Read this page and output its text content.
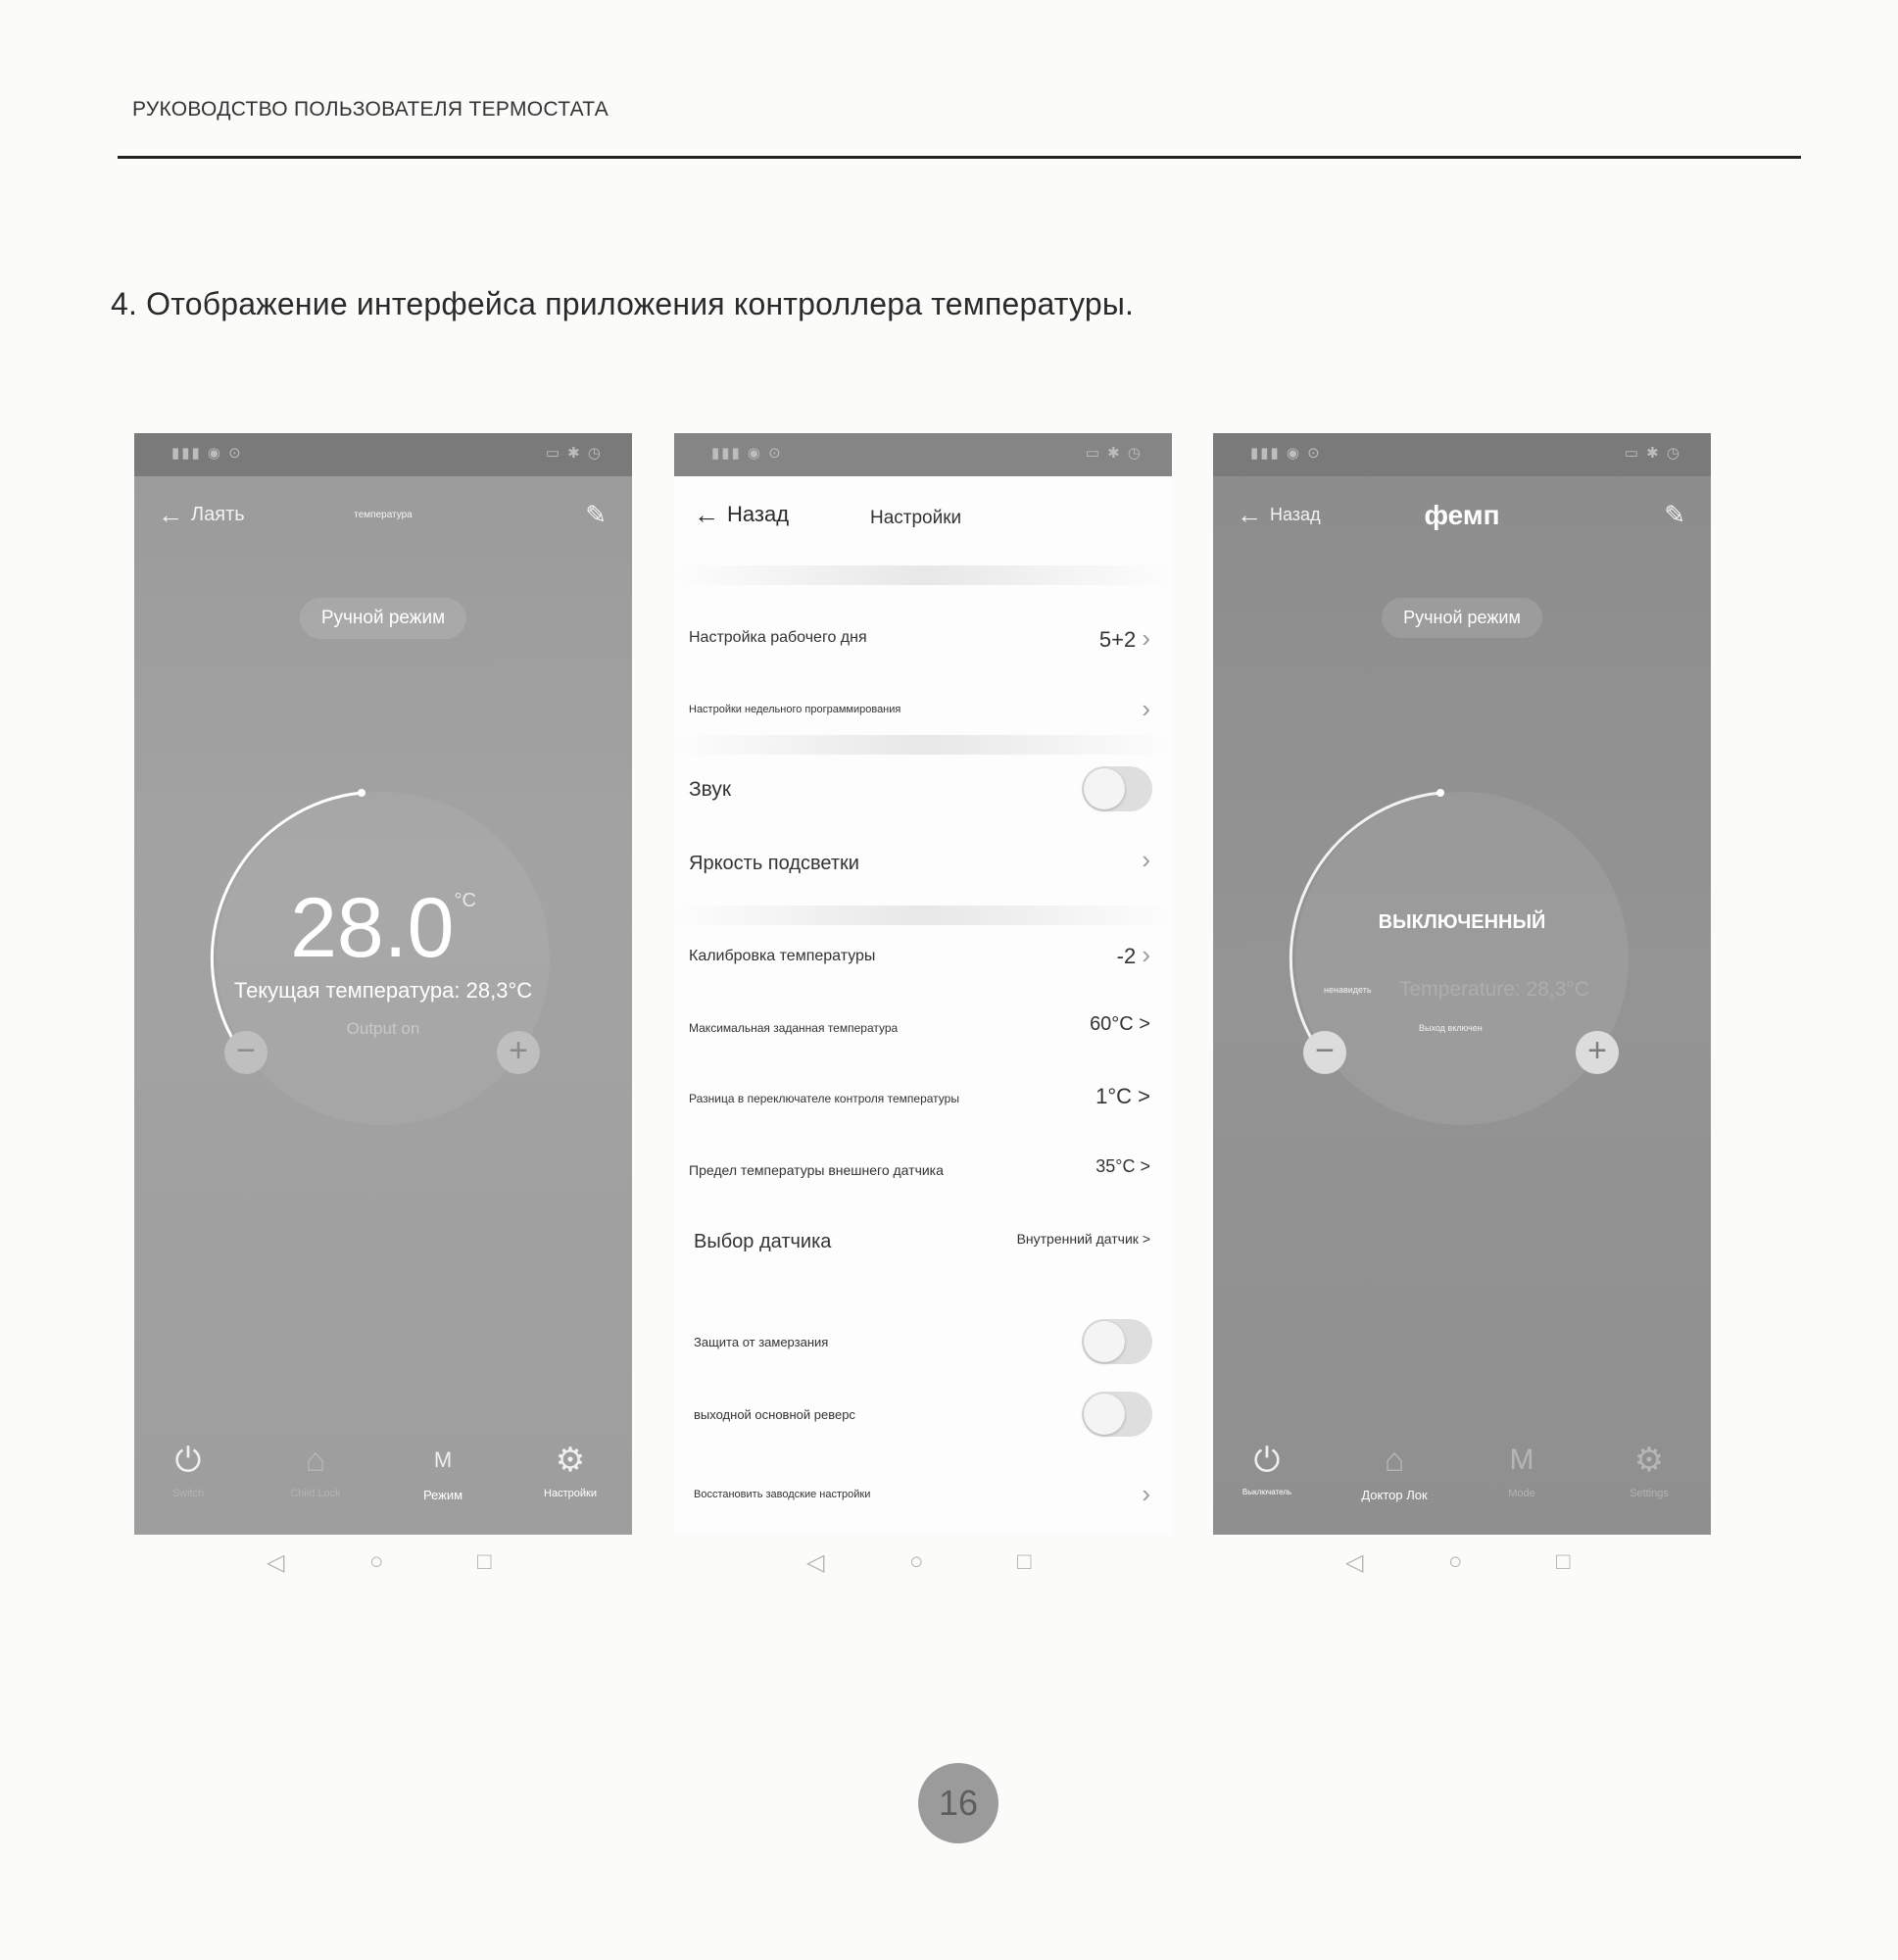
РУКОВОДСТВО ПОЛЬЗОВАТЕЛЯ ТЕРМОСТАТА
4. Отображение интерфейса приложения контроллера температуры.
▮▮▮ ◉ ⊙	▭ ✱ ◷
← Лаять	температура	✎
Ручной режим
$28.0^{^\circ C}$
Текущая температура: 28,3°C
Output on
−	+
⏻
Switch
⌂
Child Lock
M
Режим
⚙
Настройки
◁	○	□
▮▮▮ ◉ ⊙	▭ ✱ ◷
← Назад	Настройки
Настройка рабочего дня	5+2 ›
Настройки недельного программирования	›
Звук
Яркость подсветки	›
Калибровка температуры	-2 ›
Максимальная заданная температура	60°C >
Разница в переключателе контроля температуры	1°C >
Предел температуры внешнего датчика	35°C >
Выбор датчика	Внутренний датчик >
Защита от замерзания
выходной основной реверс
Восстановить заводские настройки	›
◁	○	□
▮▮▮ ◉ ⊙	▭ ✱ ◷
← Назад	фемп	✎
Ручной режим
ВЫКЛЮЧЕННЫЙ
ненавидеть Temperature: 28,3°C
Выход включен
−	+
⏻
Выключатель
⌂
Доктор Лок
M
Mode
⚙
Settings
◁	○	□
16
